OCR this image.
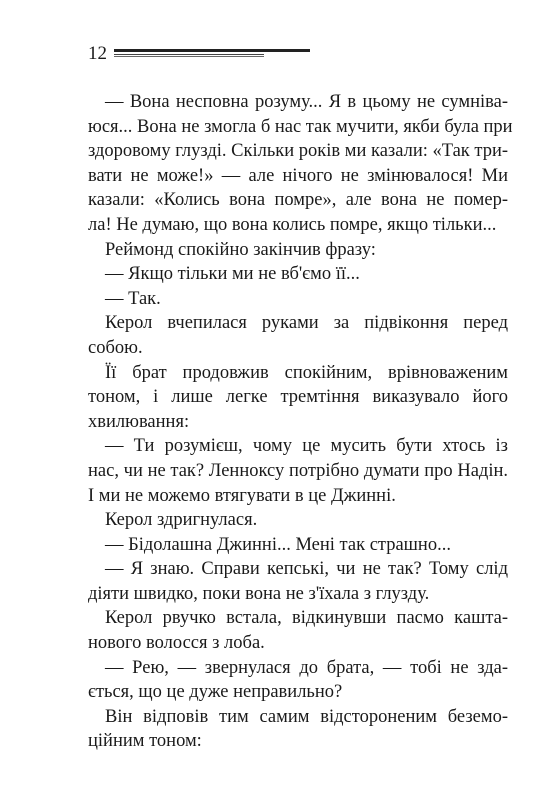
12
— Вона несповна розуму... Я в цьому не сумніва-
юся... Вона не змогла б нас так мучити, якби була при
здоровому глузді. Скільки років ми казали: «Так три-
вати не може!» — але нічого не змінювалося! Ми
казали: «Колись вона помре», але вона не помер-
ла! Не думаю, що вона колись помре, якщо тільки...
Реймонд спокійно закінчив фразу:
— Якщо тільки ми не вб'ємо її...
— Так.
Керол вчепилася руками за підвіконня перед
собою.
Її брат продовжив спокійним, врівноваженим
тоном, і лише легке тремтіння виказувало його
хвилювання:
— Ти розумієш, чому це мусить бути хтось із
нас, чи не так? Ленноксу потрібно думати про Надін.
І ми не можемо втягувати в це Джинні.
Керол здригнулася.
— Бідолашна Джинні... Мені так страшно...
— Я знаю. Справи кепські, чи не так? Тому слід
діяти швидко, поки вона не з'їхала з глузду.
Керол рвучко встала, відкинувши пасмо кашта-
нового волосся з лоба.
— Рею, — звернулася до брата, — тобі не зда-
ється, що це дуже неправильно?
Він відповів тим самим відстороненим беземо-
ційним тоном:
